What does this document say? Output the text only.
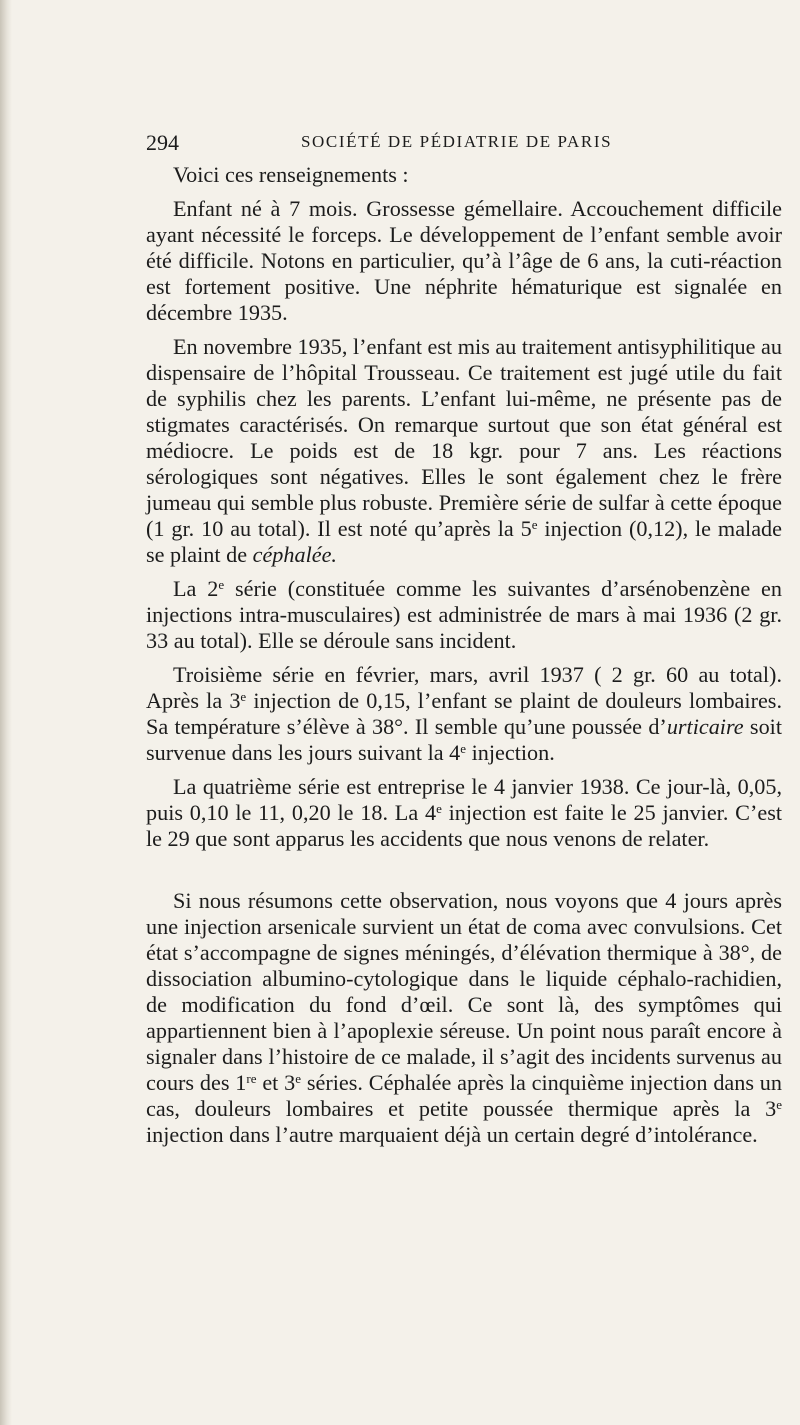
294	SOCIÉTÉ DE PÉDIATRIE DE PARIS

Voici ces renseignements :

Enfant né à 7 mois. Grossesse gémellaire. Accouchement difficile ayant nécessité le forceps. Le développement de l’enfant semble avoir été difficile. Notons en particulier, qu’à l’âge de 6 ans, la cuti-réaction est fortement positive. Une néphrite hématurique est signalée en décembre 1935.

En novembre 1935, l’enfant est mis au traitement antisyphilitique au dispensaire de l’hôpital Trousseau. Ce traitement est jugé utile du fait de syphilis chez les parents. L’enfant lui-même, ne présente pas de stigmates caractérisés. On remarque surtout que son état général est médiocre. Le poids est de 18 kgr. pour 7 ans. Les réactions sérologiques sont négatives. Elles le sont également chez le frère jumeau qui semble plus robuste. Première série de sulfar à cette époque (1 gr. 10 au total). Il est noté qu’après la 5e injection (0,12), le malade se plaint de céphalée.

La 2e série (constituée comme les suivantes d’arsénobenzène en injections intra-musculaires) est administrée de mars à mai 1936 (2 gr. 33 au total). Elle se déroule sans incident.

Troisième série en février, mars, avril 1937 ( 2 gr. 60 au total). Après la 3e injection de 0,15, l’enfant se plaint de douleurs lombaires. Sa température s’élève à 38°. Il semble qu’une poussée d’urticaire soit survenue dans les jours suivant la 4e injection.

La quatrième série est entreprise le 4 janvier 1938. Ce jour-là, 0,05, puis 0,10 le 11, 0,20 le 18. La 4e injection est faite le 25 janvier. C’est le 29 que sont apparus les accidents que nous venons de relater.

Si nous résumons cette observation, nous voyons que 4 jours après une injection arsenicale survient un état de coma avec convulsions. Cet état s’accompagne de signes méningés, d’élévation thermique à 38°, de dissociation albumino-cytologique dans le liquide céphalo-rachidien, de modification du fond d’œil. Ce sont là, des symptômes qui appartiennent bien à l’apoplexie séreuse. Un point nous paraît encore à signaler dans l’histoire de ce malade, il s’agit des incidents survenus au cours des 1re et 3e séries. Céphalée après la cinquième injection dans un cas, douleurs lombaires et petite poussée thermique après la 3e injection dans l’autre marquaient déjà un certain degré d’intolérance.
